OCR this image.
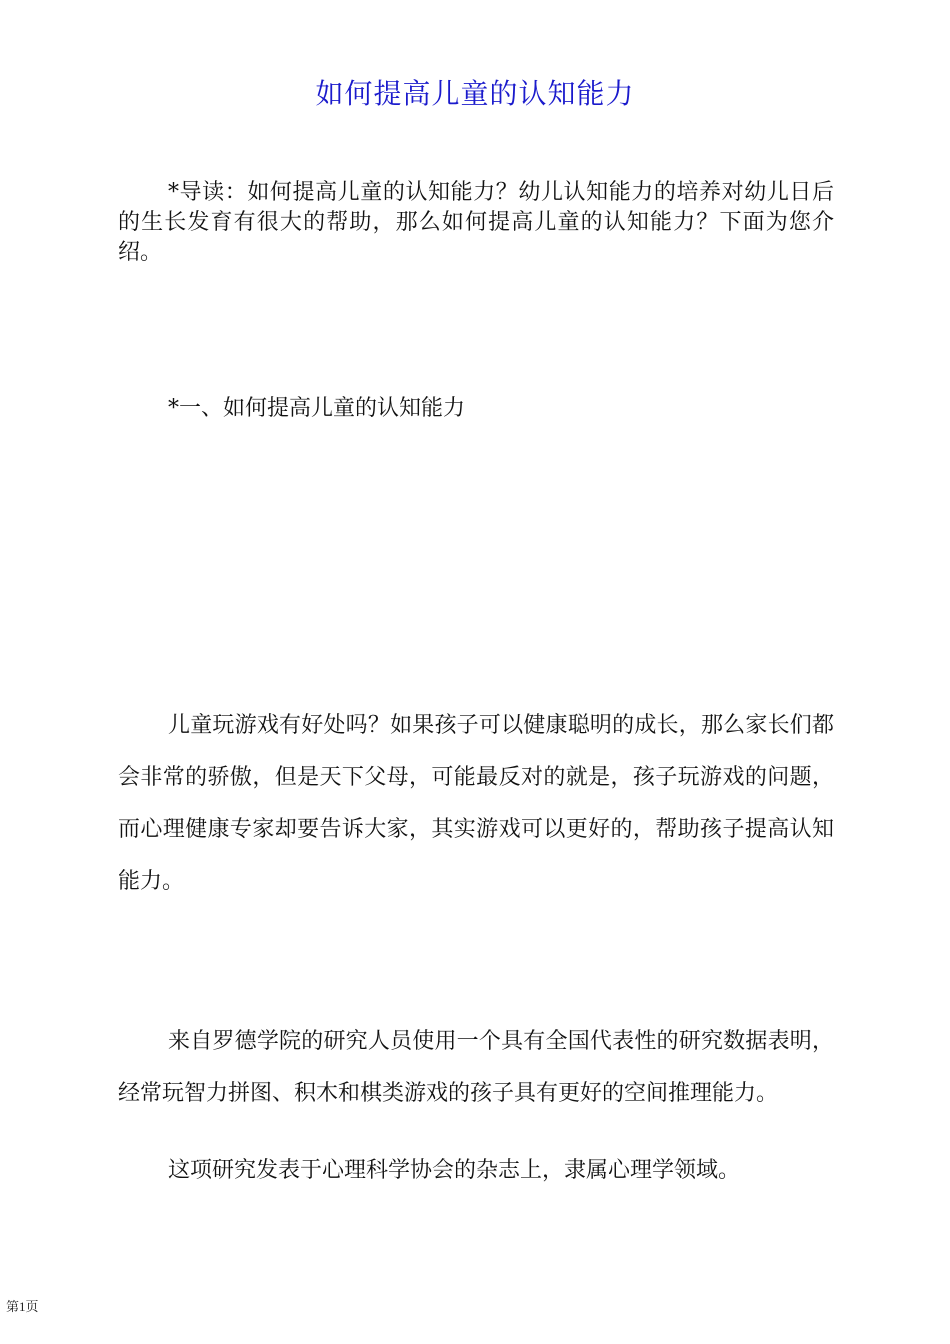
如何提高儿童的认知能力

*导读：如何提高儿童的认知能力？幼儿认知能力的培养对幼儿日后的生长发育有很大的帮助，那么如何提高儿童的认知能力？下面为您介绍。

*一、如何提高儿童的认知能力

儿童玩游戏有好处吗？如果孩子可以健康聪明的成长，那么家长们都会非常的骄傲，但是天下父母，可能最反对的就是，孩子玩游戏的问题，而心理健康专家却要告诉大家，其实游戏可以更好的，帮助孩子提高认知能力。

来自罗德学院的研究人员使用一个具有全国代表性的研究数据表明，经常玩智力拼图、积木和棋类游戏的孩子具有更好的空间推理能力。

这项研究发表于心理科学协会的杂志上，隶属心理学领域。

第1页
